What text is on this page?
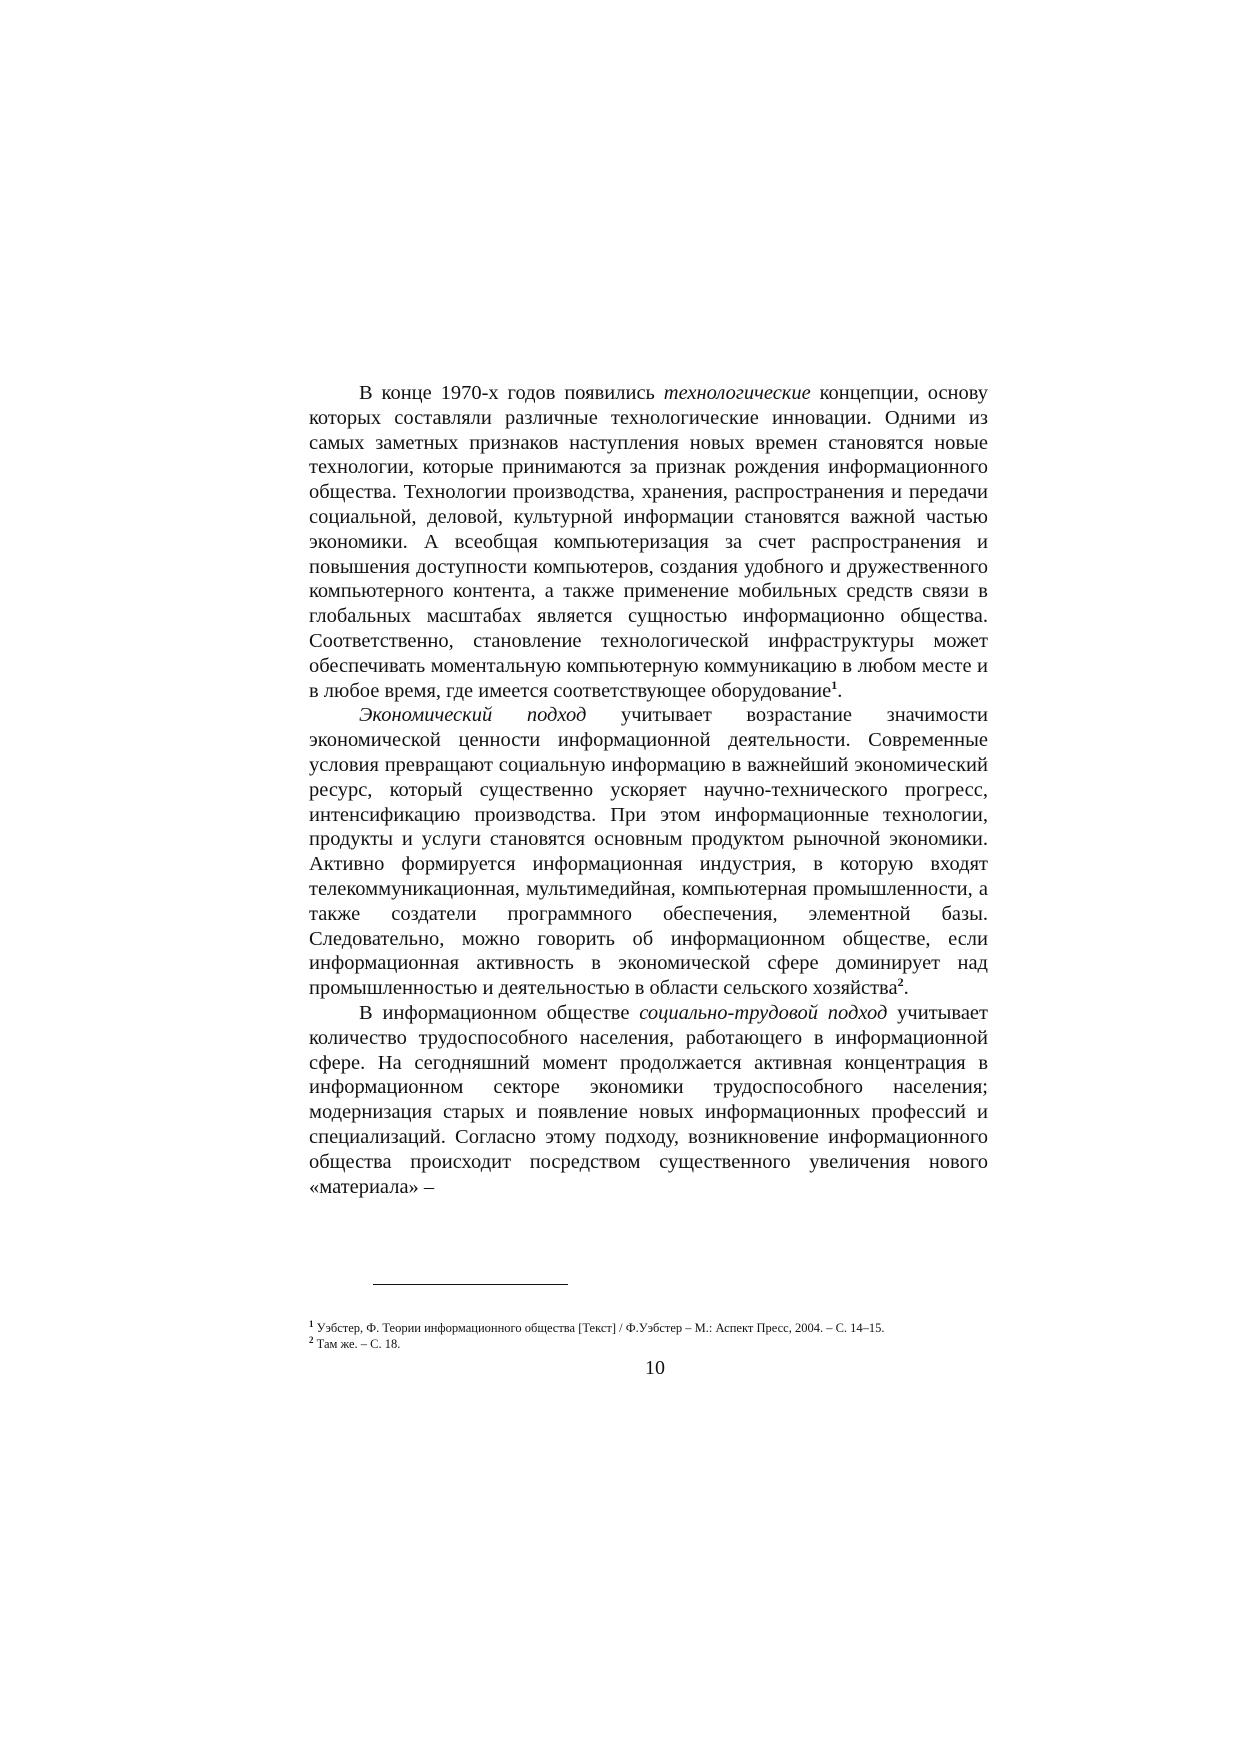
В конце 1970-х годов появились технологические концепции, основу которых составляли различные технологические инновации. Одними из самых заметных признаков наступления новых времен становятся новые технологии, которые принимаются за признак рождения информационного общества. Технологии производства, хранения, распространения и передачи социальной, деловой, культурной информации становятся важной частью экономики. А всеобщая компьютеризация за счет распространения и повышения доступности компьютеров, создания удобного и дружественного компьютерного контента, а также применение мобильных средств связи в глобальных масштабах является сущностью информационно общества. Соответственно, становление технологической инфраструктуры может обеспечивать моментальную компьютерную коммуникацию в любом месте и в любое время, где имеется соответствующее оборудование$^1$.

Экономический подход учитывает возрастание значимости экономической ценности информационной деятельности. Современные условия превращают социальную информацию в важнейший экономический ресурс, который существенно ускоряет научно-технического прогресс, интенсификацию производства. При этом информационные технологии, продукты и услуги становятся основным продуктом рыночной экономики. Активно формируется информационная индустрия, в которую входят телекоммуникационная, мультимедийная, компьютерная промышленности, а также создатели программного обеспечения, элементной базы. Следовательно, можно говорить об информационном обществе, если информационная активность в экономической сфере доминирует над промышленностью и деятельностью в области сельского хозяйства$^2$.

В информационном обществе социально-трудовой подход учитывает количество трудоспособного населения, работающего в информационной сфере. На сегодняшний момент продолжается активная концентрация в информационном секторе экономики трудоспособного населения; модернизация старых и появление новых информационных профессий и специализаций. Согласно этому подходу, возникновение информационного общества происходит посредством существенного увеличения нового «материала» –

$^1$ Уэбстер, Ф. Теории информационного общества [Текст] / Ф.Уэбстер – М.: Аспект Пресс, 2004. – С. 14–15.

$^2$ Там же. – С. 18.

10
